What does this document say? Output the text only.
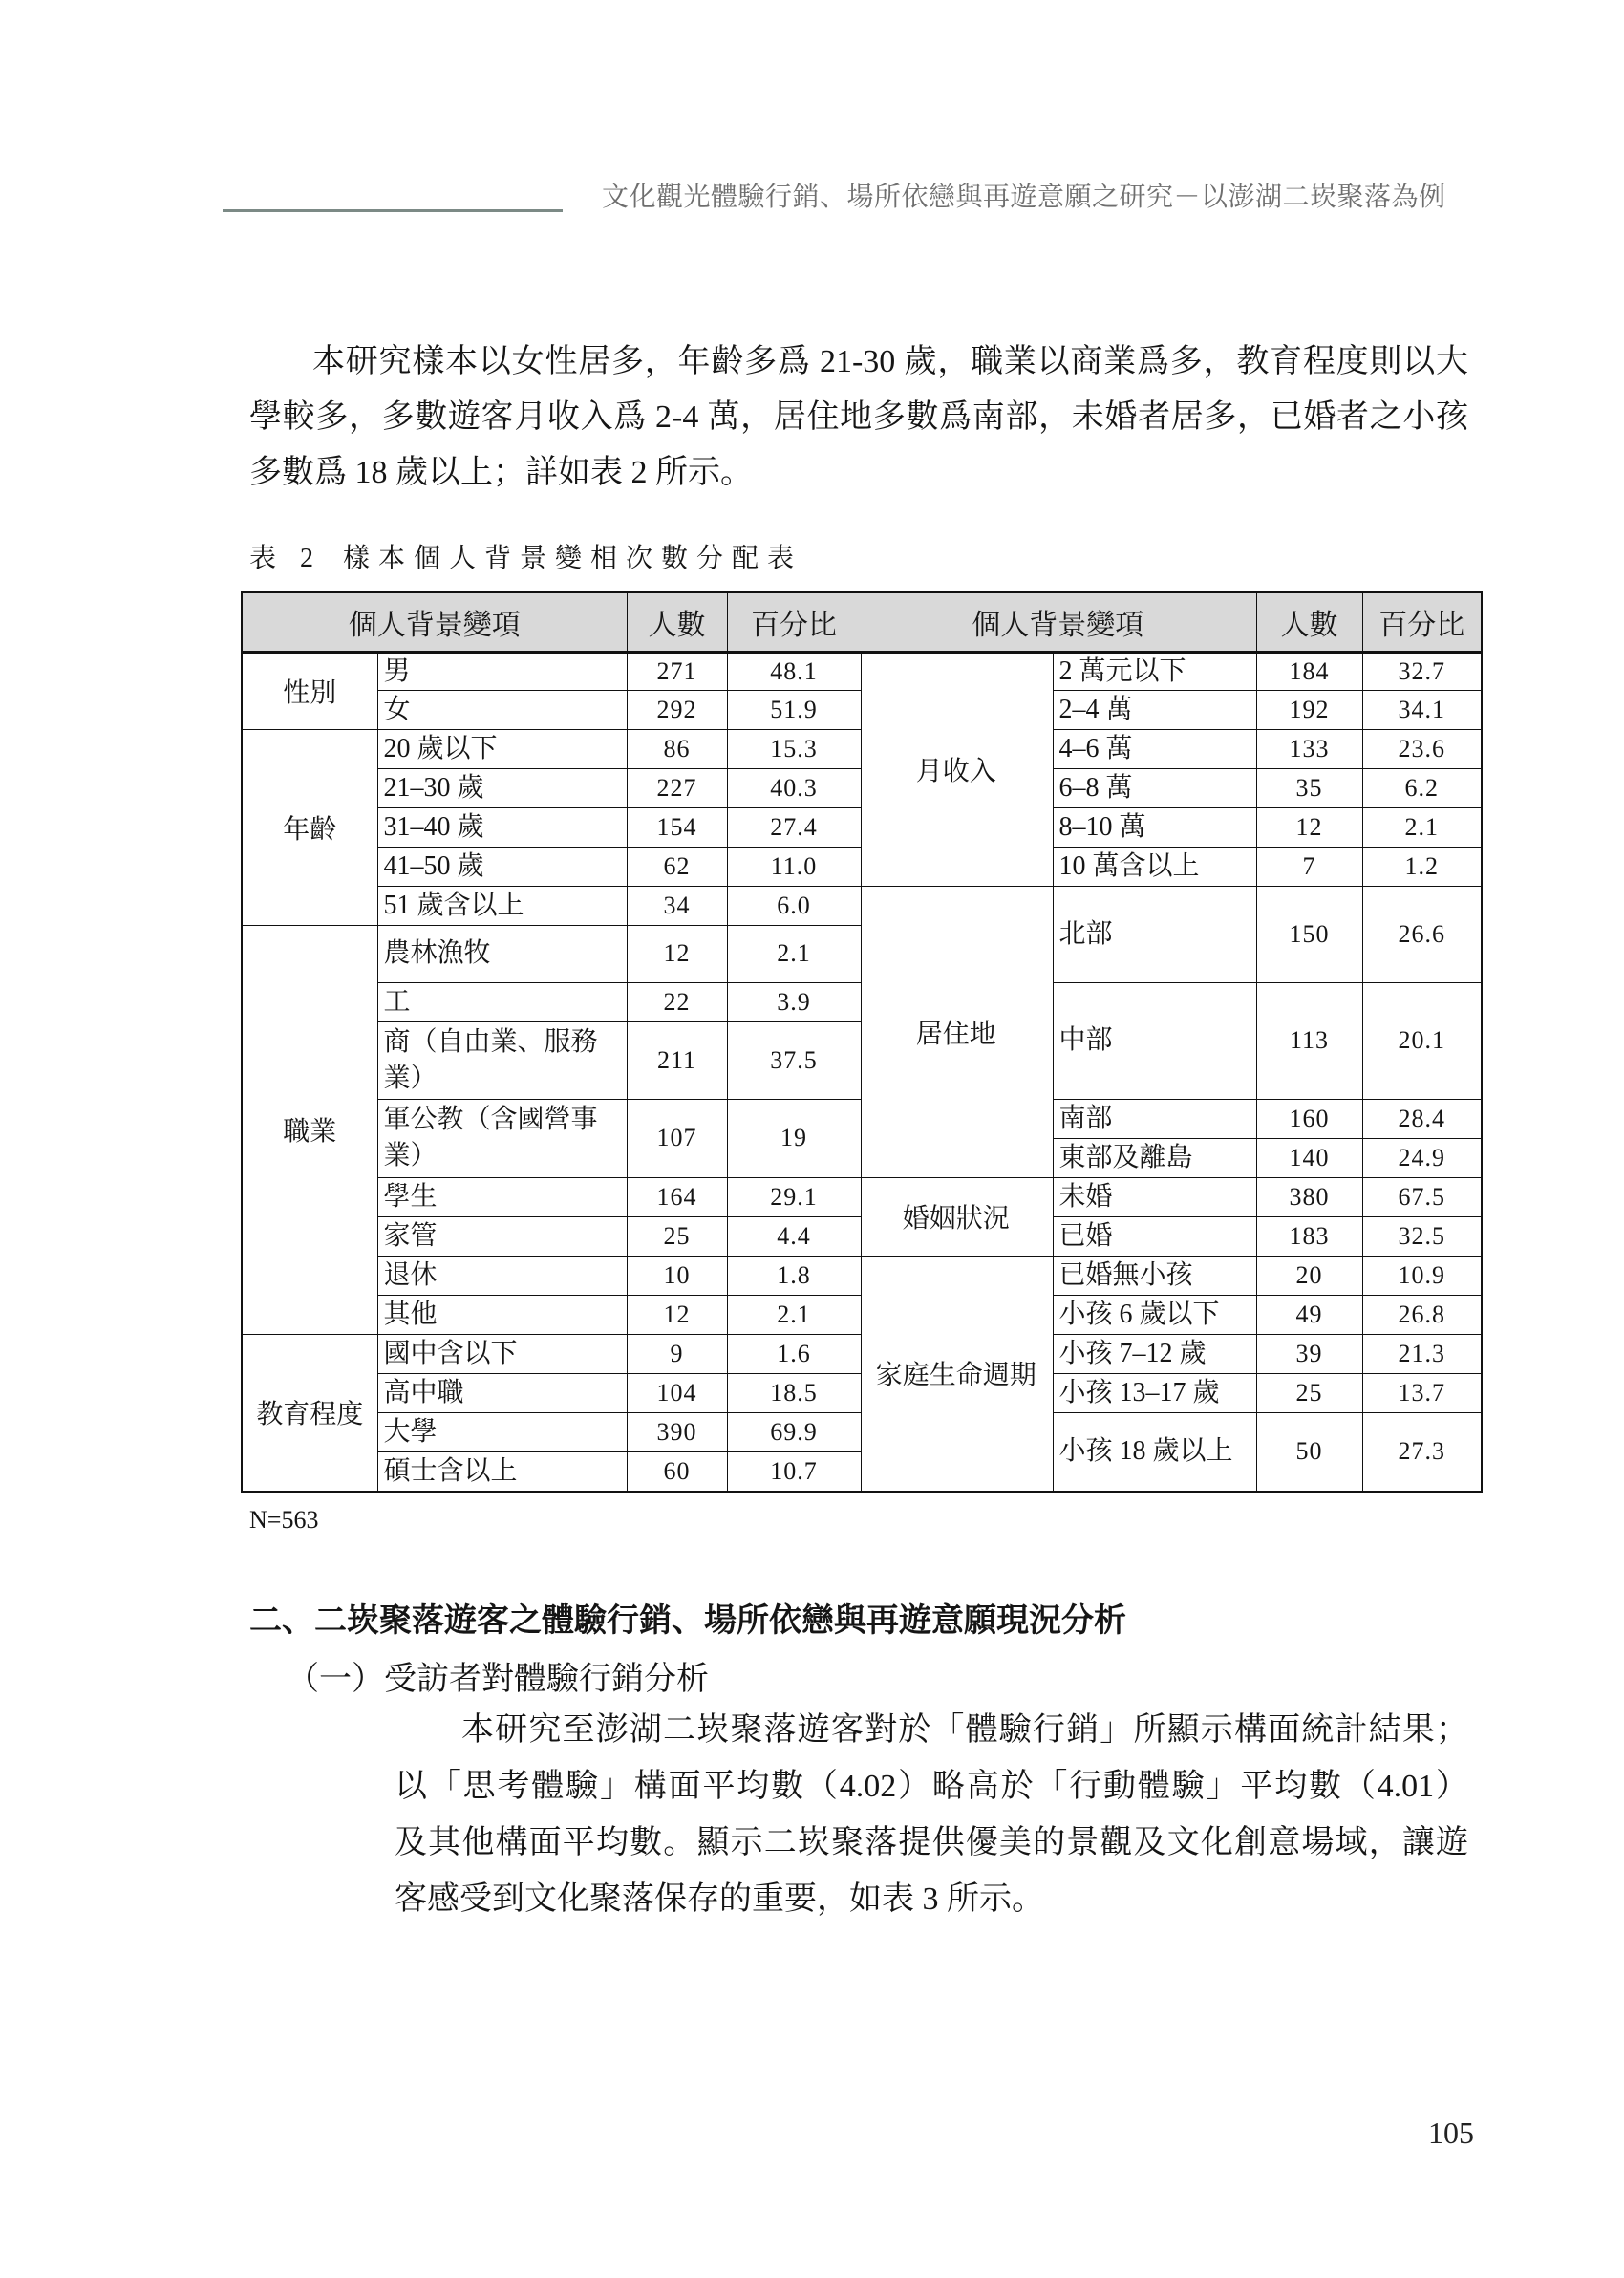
文化觀光體驗行銷、場所依戀與再遊意願之研究－以澎湖二崁聚落為例
本研究樣本以女性居多，年齡多爲 21-30 歲，職業以商業爲多，教育程度則以大
學較多，多數遊客月收入爲 2-4 萬，居住地多數爲南部，未婚者居多，已婚者之小孩
多數爲 18 歲以上；詳如表 2 所示。
表 2 樣本個人背景變相次數分配表
個人背景變項		人數	百分比
性別	男	271	48.1
	女	292	51.9
年齡	20 歲以下	86	15.3
	21–30 歲	227	40.3
	31–40 歲	154	27.4
	41–50 歲	62	11.0
	51 歲含以上	34	6.0
職業	農林漁牧	12	2.1
	工	22	3.9
	商（自由業、服務業）	211	37.5
	軍公教（含國營事業）	107	19
	學生	164	29.1
	家管	25	4.4
	退休	10	1.8
	其他	12	2.1
教育程度	國中含以下	9	1.6
	高中職	104	18.5
	大學	390	69.9
	碩士含以上	60	10.7
個人背景變項		人數	百分比
月收入	2 萬元以下	184	32.7
	2–4 萬	192	34.1
	4–6 萬	133	23.6
	6–8 萬	35	6.2
	8–10 萬	12	2.1
	10 萬含以上	7	1.2
居住地	北部	150	26.6
	中部	113	20.1
	南部	160	28.4
	東部及離島	140	24.9
婚姻狀況	未婚	380	67.5
	已婚	183	32.5
家庭生命週期	已婚無小孩	20	10.9
	小孩 6 歲以下	49	26.8
	小孩 7–12 歲	39	21.3
	小孩 13–17 歲	25	13.7
	小孩 18 歲以上	50	27.3
N=563
二、二崁聚落遊客之體驗行銷、場所依戀與再遊意願現況分析
（一）受訪者對體驗行銷分析
本研究至澎湖二崁聚落遊客對於「體驗行銷」所顯示構面統計結果；
以「思考體驗」構面平均數（4.02）略高於「行動體驗」平均數（4.01）
及其他構面平均數。顯示二崁聚落提供優美的景觀及文化創意場域，讓遊
客感受到文化聚落保存的重要，如表 3 所示。
105
